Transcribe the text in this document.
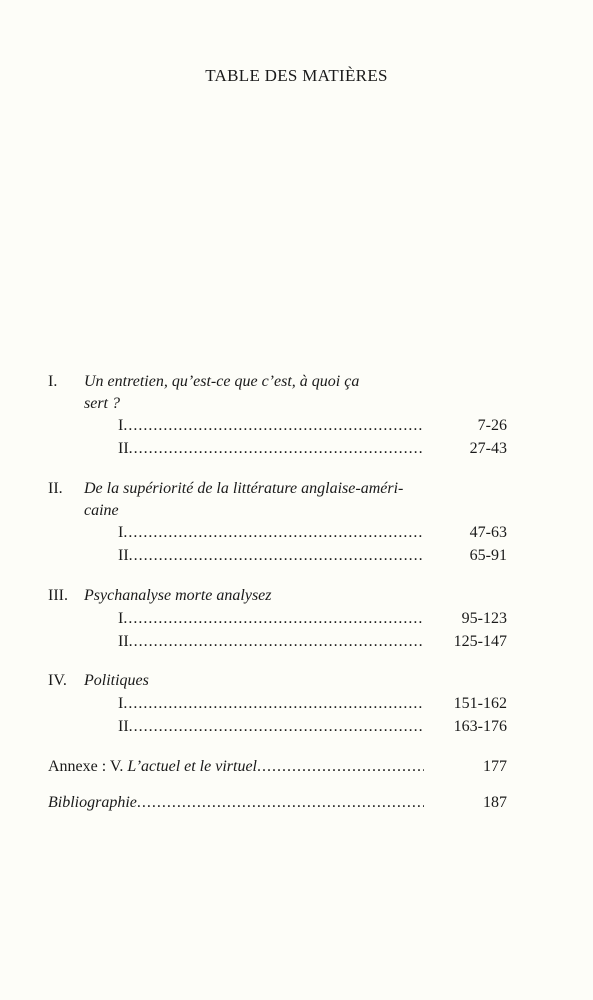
TABLE DES MATIÈRES
I. Un entretien, qu’est-ce que c’est, à quoi ça
sert ?
I .....	7-26
II .....	27-43
II. De la supériorité de la littérature anglaise-améri-
caine
I .....	47-63
II .....	65-91
III. Psychanalyse morte analysez
I .....	95-123
II .....	125-147
IV. Politiques
I .....	151-162
II .....	163-176
Annexe : V. L’actuel et le virtuel .....	177
Bibliographie .....	187
